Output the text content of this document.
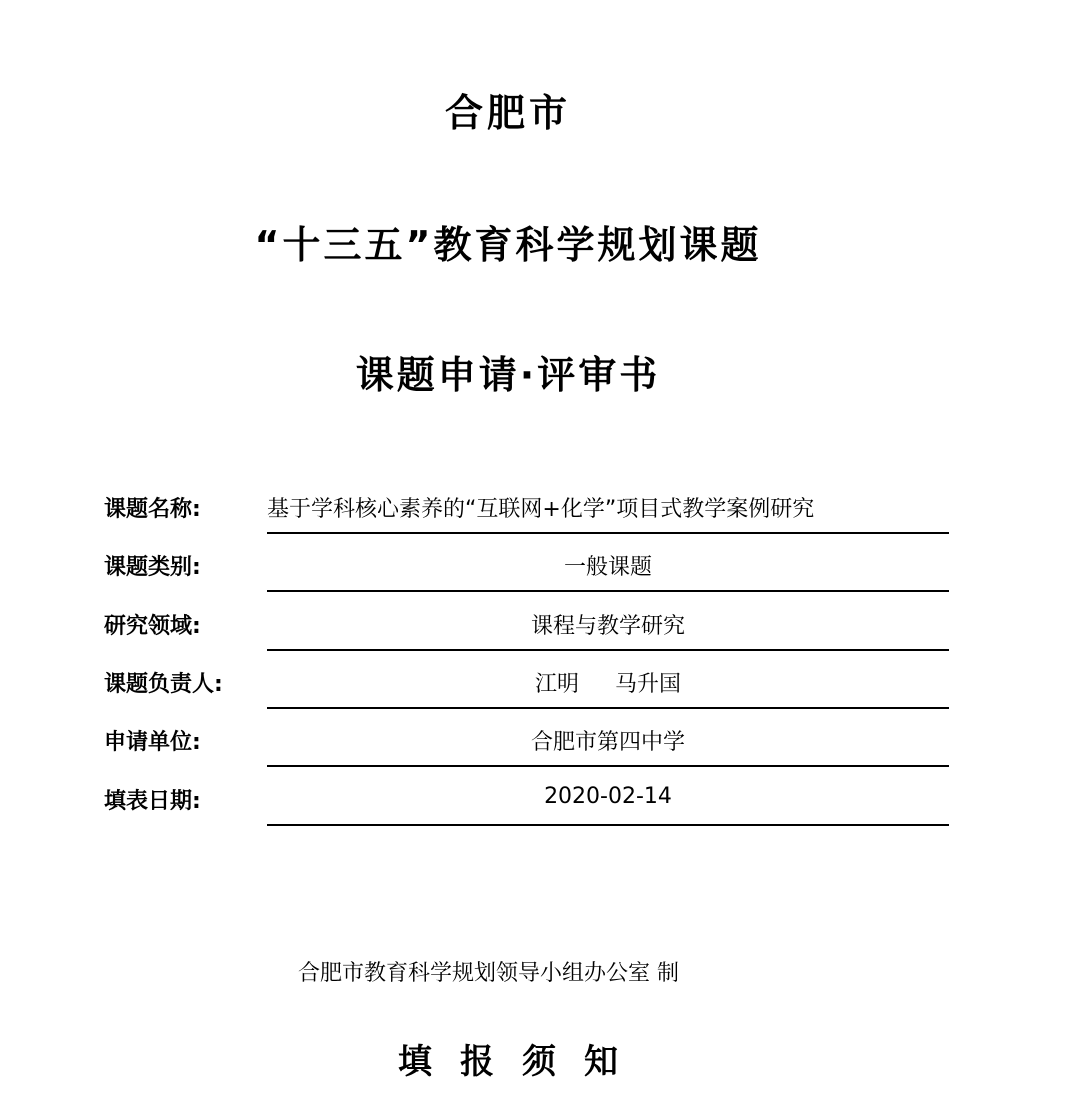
合肥市
“十三五”教育科学规划课题
课题申请·评审书
课题名称:	基于学科核心素养的“互联网+化学”项目式教学案例研究
课题类别:	一般课题
研究领域:	课程与教学研究
课题负责人:	江明 马升国
申请单位:	合肥市第四中学
填表日期:	2020-02-14
合肥市教育科学规划领导小组办公室 制
填报须知
